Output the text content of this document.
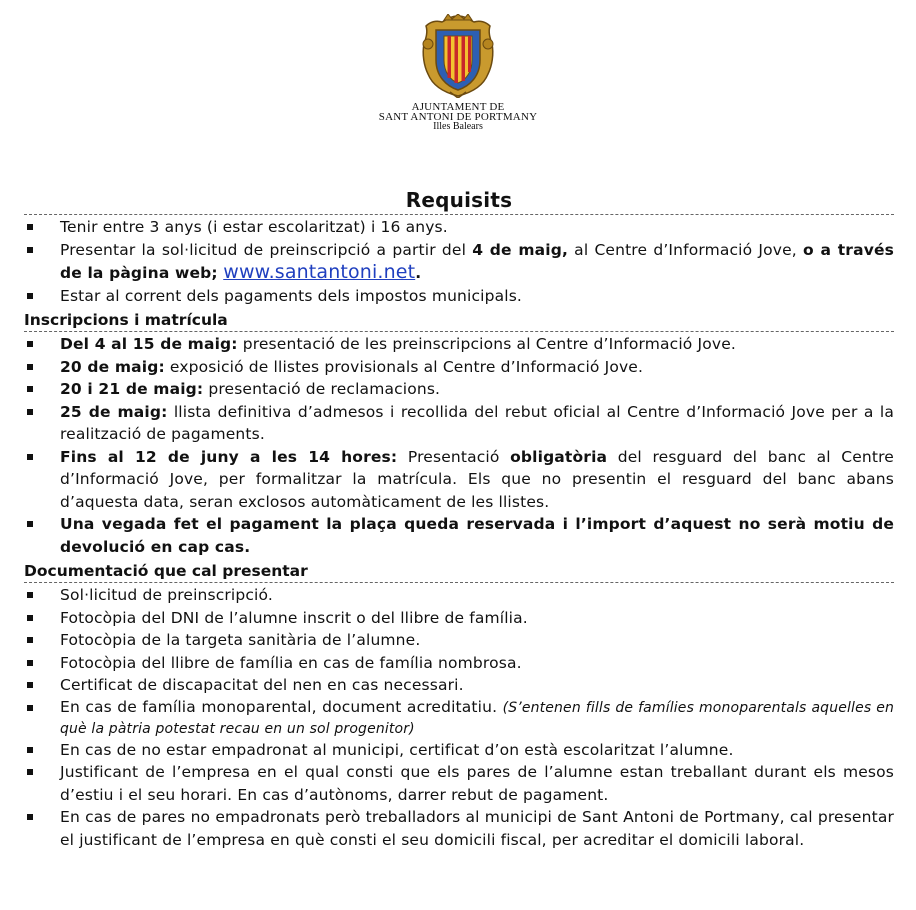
AJUNTAMENT DE
SANT ANTONI DE PORTMANY
Illes Balears
Requisits
Tenir entre 3 anys (i estar escolaritzat) i 16 anys.
Presentar la sol·licitud de preinscripció a partir del 4 de maig, al Centre d’Informació Jove, o a través de la pàgina web; www.santantoni.net.
Estar al corrent dels pagaments dels impostos municipals.
Inscripcions i matrícula
Del 4 al 15 de maig: presentació de les preinscripcions al Centre d’Informació Jove.
20 de maig: exposició de llistes provisionals al Centre d’Informació Jove.
20 i 21 de maig: presentació de reclamacions.
25 de maig: llista definitiva d’admesos i recollida del rebut oficial al Centre d’Informació Jove per a la realització de pagaments.
Fins al 12 de juny a les 14 hores: Presentació obligatòria del resguard del banc al Centre d’Informació Jove, per formalitzar la matrícula. Els que no presentin el resguard del banc abans d’aquesta data, seran exclosos automàticament de les llistes.
Una vegada fet el pagament la plaça queda reservada i l’import d’aquest no serà motiu de devolució en cap cas.
Documentació que cal presentar
Sol·licitud de preinscripció.
Fotocòpia del DNI de l’alumne inscrit o del llibre de família.
Fotocòpia de la targeta sanitària de l’alumne.
Fotocòpia del llibre de família en cas de família nombrosa.
Certificat de discapacitat del nen en cas necessari.
En cas de família monoparental, document acreditatiu. (S’entenen fills de famílies monoparentals aquelles en què la pàtria potestat recau en un sol progenitor)
En cas de no estar empadronat al municipi, certificat d’on està escolaritzat l’alumne.
Justificant de l’empresa en el qual consti que els pares de l’alumne estan treballant durant els mesos d’estiu i el seu horari. En cas d’autònoms, darrer rebut de pagament.
En cas de pares no empadronats però treballadors al municipi de Sant Antoni de Portmany, cal presentar el justificant de l’empresa en què consti el seu domicili fiscal, per acreditar el domicili laboral.
